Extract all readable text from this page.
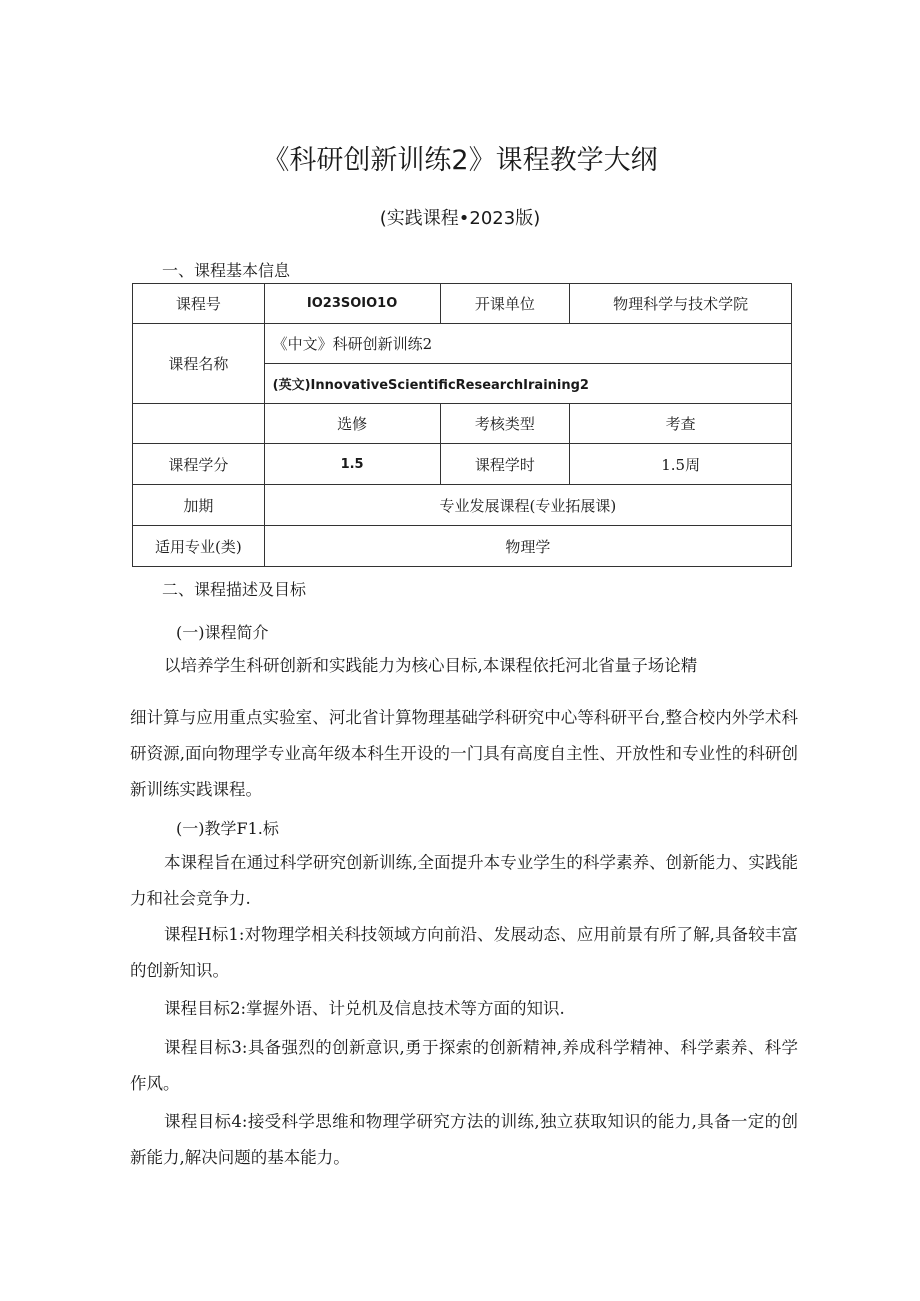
《科研创新训练2》课程教学大纲
(实践课程•2023版)
一、课程基本信息
课程号	IO23SOIO1O	开课单位	物理科学与技术学院
课程名称	《中文》科研创新训练2		
	(英文)InnovativeScientificResearchIraining2		
	选修	考核类型	考查
课程学分	1.5	课程学时	1.5周
加期	专业发展课程(专业拓展课)		
适用专业(类)	物理学		
二、课程描述及目标
(一)课程简介
以培养学生科研创新和实践能力为核心目标,本课程依托河北省量子场论精
细计算与应用重点实验室、河北省计算物理基础学科研究中心等科研平台,整合校内外学术科研资源,面向物理学专业高年级本科生开设的一门具有高度自主性、开放性和专业性的科研创新训练实践课程。
(一)教学F1.标
本课程旨在通过科学研究创新训练,全面提升本专业学生的科学素养、创新能力、实践能力和社会竞争力.
课程H标1:对物理学相关科技领域方向前沿、发展动态、应用前景有所了解,具备较丰富的创新知识。
课程目标2:掌握外语、计兑机及信息技术等方面的知识.
课程目标3:具备强烈的创新意识,勇于探索的创新精神,养成科学精神、科学素养、科学作风。
课程目标4:接受科学思维和物理学研究方法的训练,独立获取知识的能力,具备一定的创新能力,解决问题的基本能力。
